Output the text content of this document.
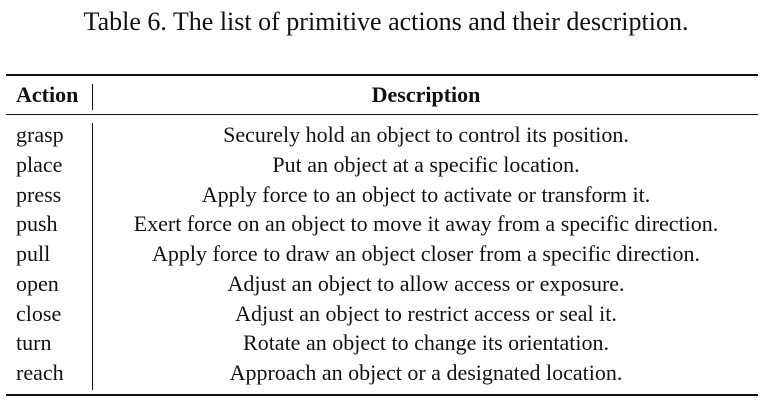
Table 6. The list of primitive actions and their description.
Action	Description
grasp	Securely hold an object to control its position.
place	Put an object at a specific location.
press	Apply force to an object to activate or transform it.
push	Exert force on an object to move it away from a specific direction.
pull	Apply force to draw an object closer from a specific direction.
open	Adjust an object to allow access or exposure.
close	Adjust an object to restrict access or seal it.
turn	Rotate an object to change its orientation.
reach	Approach an object or a designated location.
